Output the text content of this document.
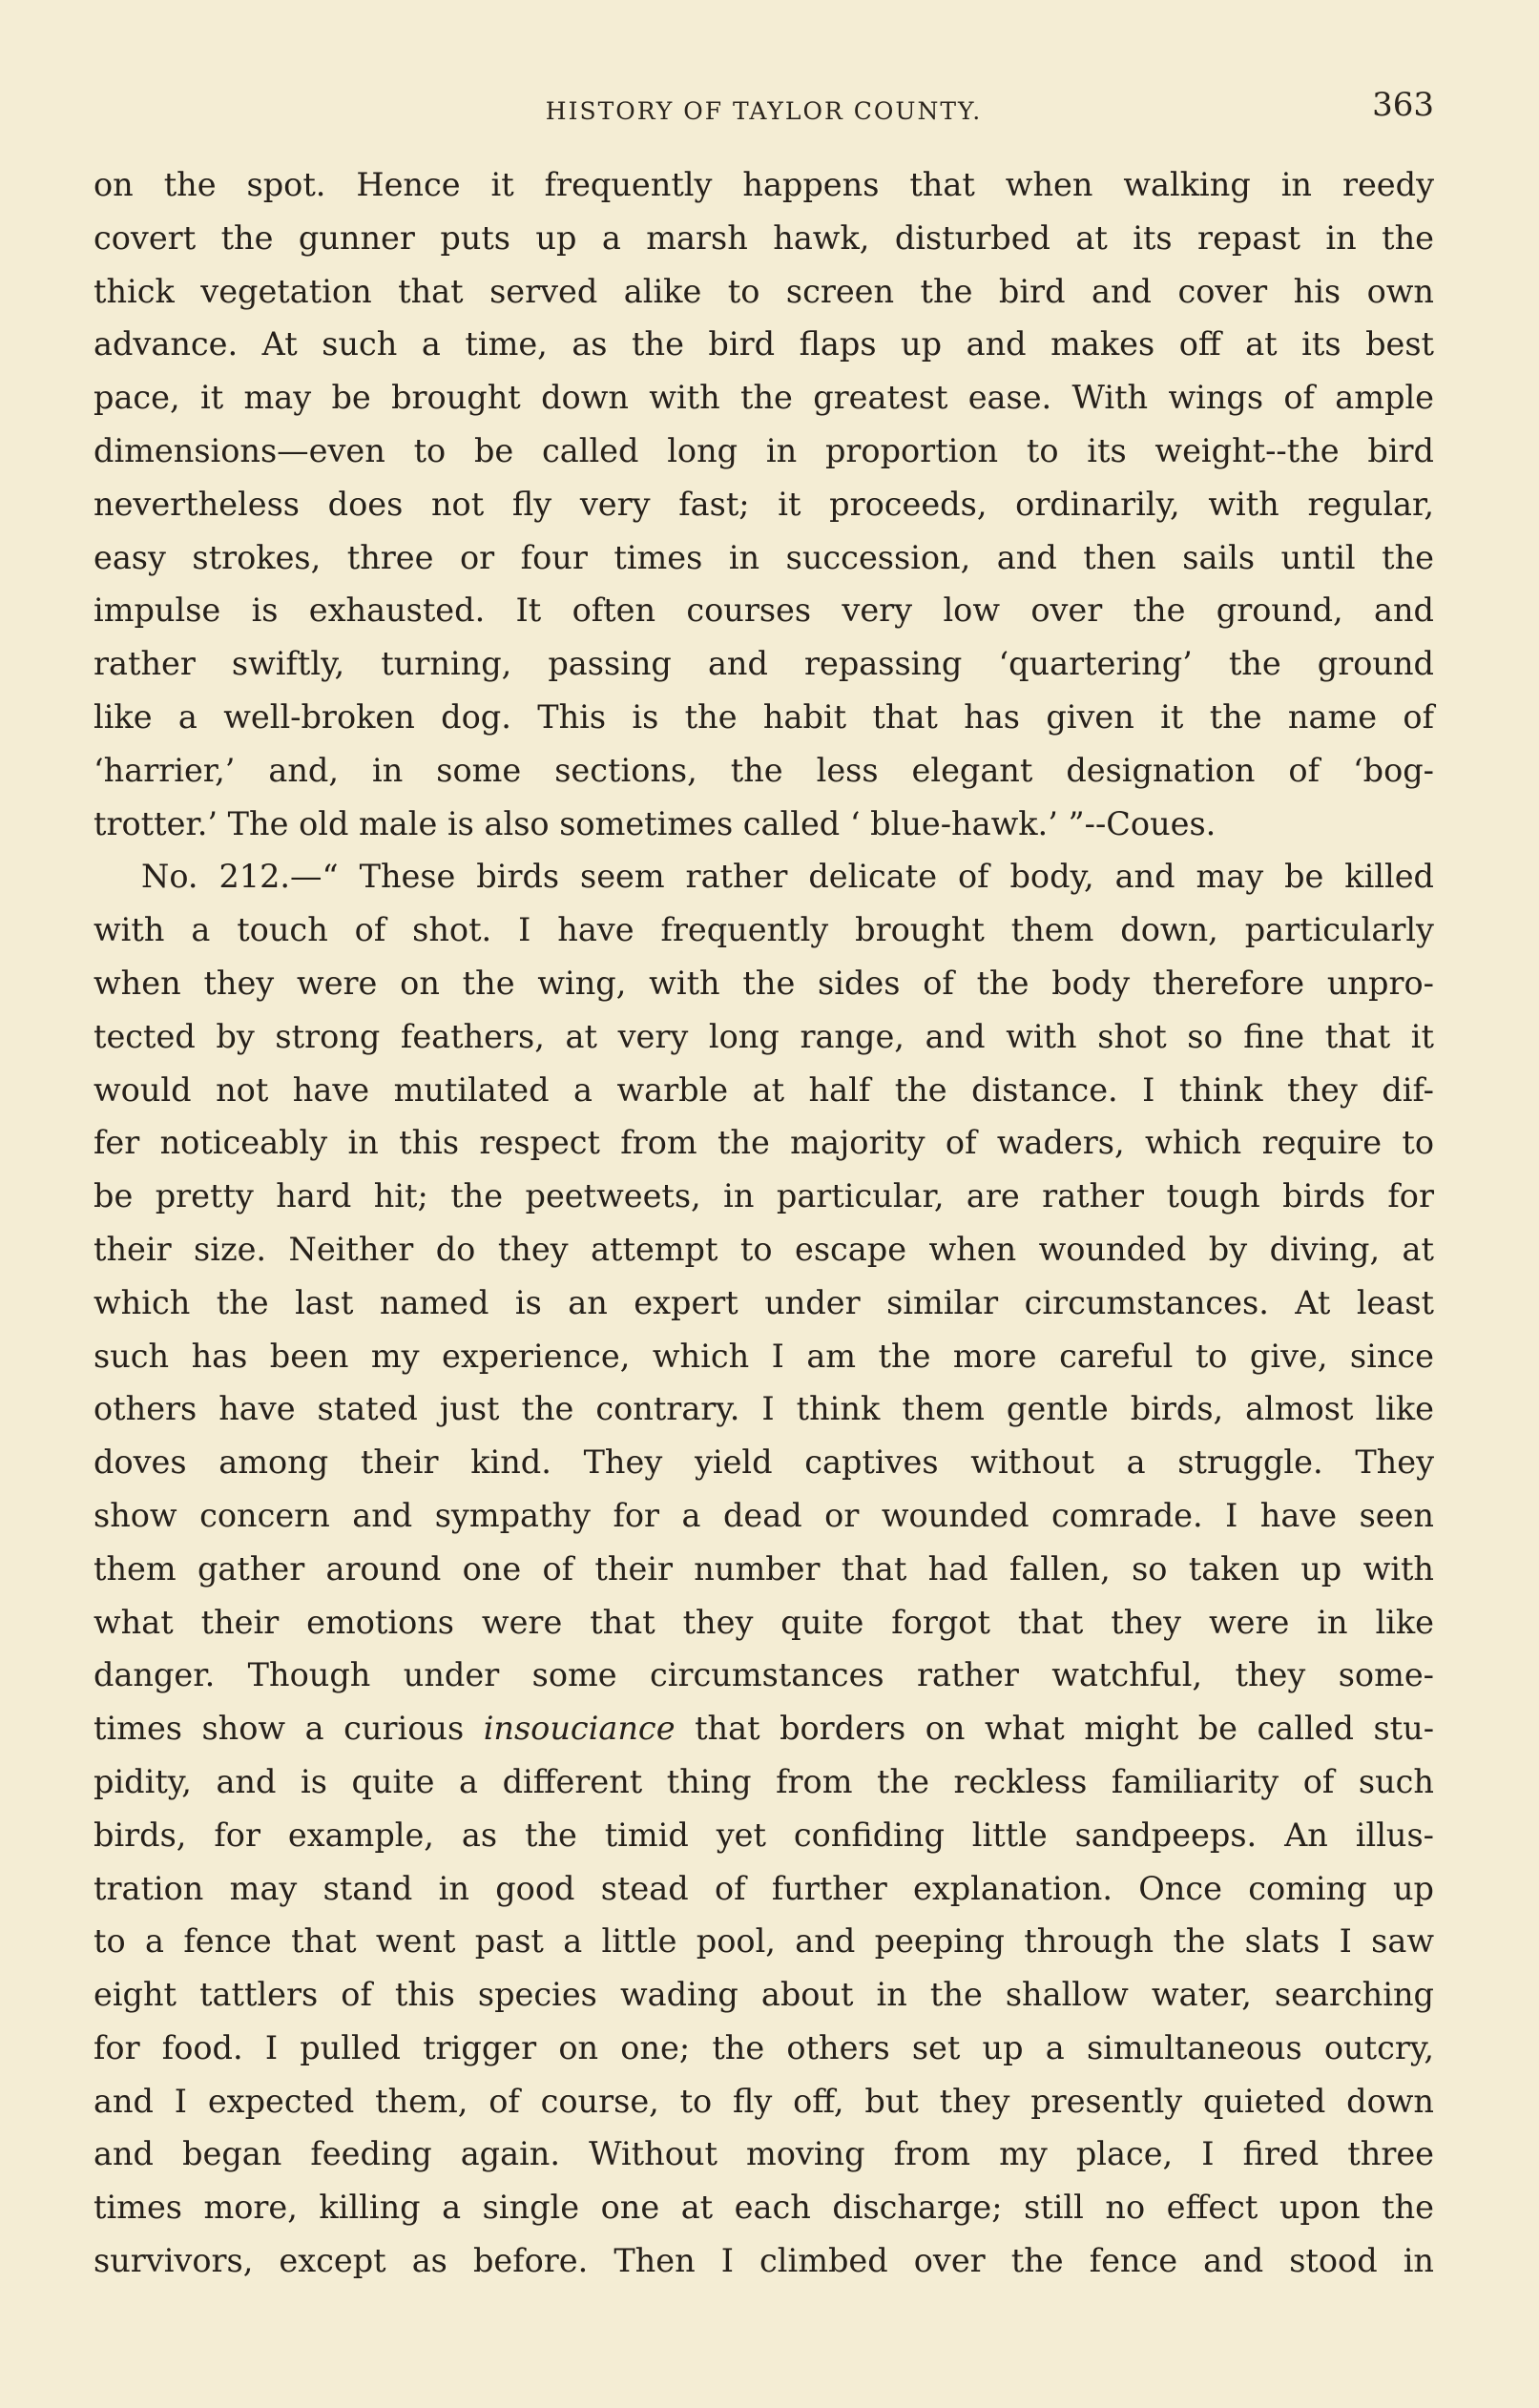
HISTORY OF TAYLOR COUNTY.	363
on the spot. Hence it frequently happens that when walking in reedy
covert the gunner puts up a marsh hawk, disturbed at its repast in the
thick vegetation that served alike to screen the bird and cover his own
advance. At such a time, as the bird flaps up and makes off at its best
pace, it may be brought down with the greatest ease. With wings of ample
dimensions—even to be called long in proportion to its weight--the bird
nevertheless does not fly very fast; it proceeds, ordinarily, with regular,
easy strokes, three or four times in succession, and then sails until the
impulse is exhausted. It often courses very low over the ground, and
rather swiftly, turning, passing and repassing ‘quartering’ the ground
like a well-broken dog. This is the habit that has given it the name of
‘harrier,’ and, in some sections, the less elegant designation of ‘bog-
trotter.’ The old male is also sometimes called ‘ blue-hawk.’ ”--Coues.
No. 212.—“ These birds seem rather delicate of body, and may be killed
with a touch of shot. I have frequently brought them down, particularly
when they were on the wing, with the sides of the body therefore unpro-
tected by strong feathers, at very long range, and with shot so fine that it
would not have mutilated a warble at half the distance. I think they dif-
fer noticeably in this respect from the majority of waders, which require to
be pretty hard hit; the peetweets, in particular, are rather tough birds for
their size. Neither do they attempt to escape when wounded by diving, at
which the last named is an expert under similar circumstances. At least
such has been my experience, which I am the more careful to give, since
others have stated just the contrary. I think them gentle birds, almost like
doves among their kind. They yield captives without a struggle. They
show concern and sympathy for a dead or wounded comrade. I have seen
them gather around one of their number that had fallen, so taken up with
what their emotions were that they quite forgot that they were in like
danger. Though under some circumstances rather watchful, they some-
times show a curious insouciance that borders on what might be called stu-
pidity, and is quite a different thing from the reckless familiarity of such
birds, for example, as the timid yet confiding little sandpeeps. An illus-
tration may stand in good stead of further explanation. Once coming up
to a fence that went past a little pool, and peeping through the slats I saw
eight tattlers of this species wading about in the shallow water, searching
for food. I pulled trigger on one; the others set up a simultaneous outcry,
and I expected them, of course, to fly off, but they presently quieted down
and began feeding again. Without moving from my place, I fired three
times more, killing a single one at each discharge; still no effect upon the
survivors, except as before. Then I climbed over the fence and stood in
